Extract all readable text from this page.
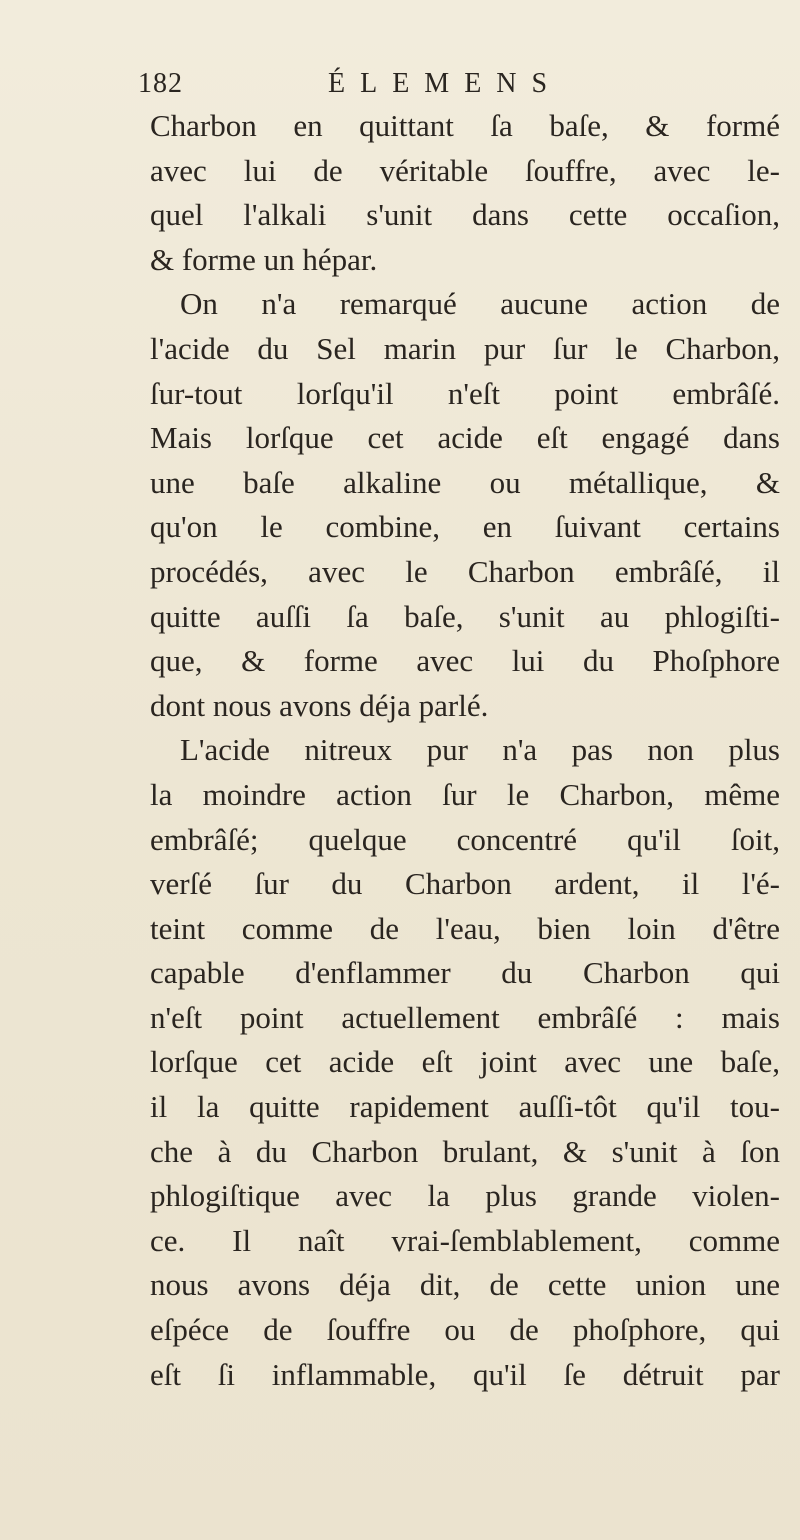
182	ÉLEMENS
Charbon en quittant ſa baſe, & formé
avec lui de véritable ſouffre, avec le-
quel l'alkali s'unit dans cette occaſion,
& forme un hépar.
On n'a remarqué aucune action de
l'acide du Sel marin pur ſur le Charbon,
ſur-tout lorſqu'il n'eſt point embrâſé.
Mais lorſque cet acide eſt engagé dans
une baſe alkaline ou métallique, &
qu'on le combine, en ſuivant certains
procédés, avec le Charbon embrâſé, il
quitte auſſi ſa baſe, s'unit au phlogiſti-
que, & forme avec lui du Phoſphore
dont nous avons déja parlé.
L'acide nitreux pur n'a pas non plus
la moindre action ſur le Charbon, même
embrâſé; quelque concentré qu'il ſoit,
verſé ſur du Charbon ardent, il l'é-
teint comme de l'eau, bien loin d'être
capable d'enflammer du Charbon qui
n'eſt point actuellement embrâſé : mais
lorſque cet acide eſt joint avec une baſe,
il la quitte rapidement auſſi-tôt qu'il tou-
che à du Charbon brulant, & s'unit à ſon
phlogiſtique avec la plus grande violen-
ce. Il naît vrai-ſemblablement, comme
nous avons déja dit, de cette union une
eſpéce de ſouffre ou de phoſphore, qui
eſt ſi inflammable, qu'il ſe détruit par
